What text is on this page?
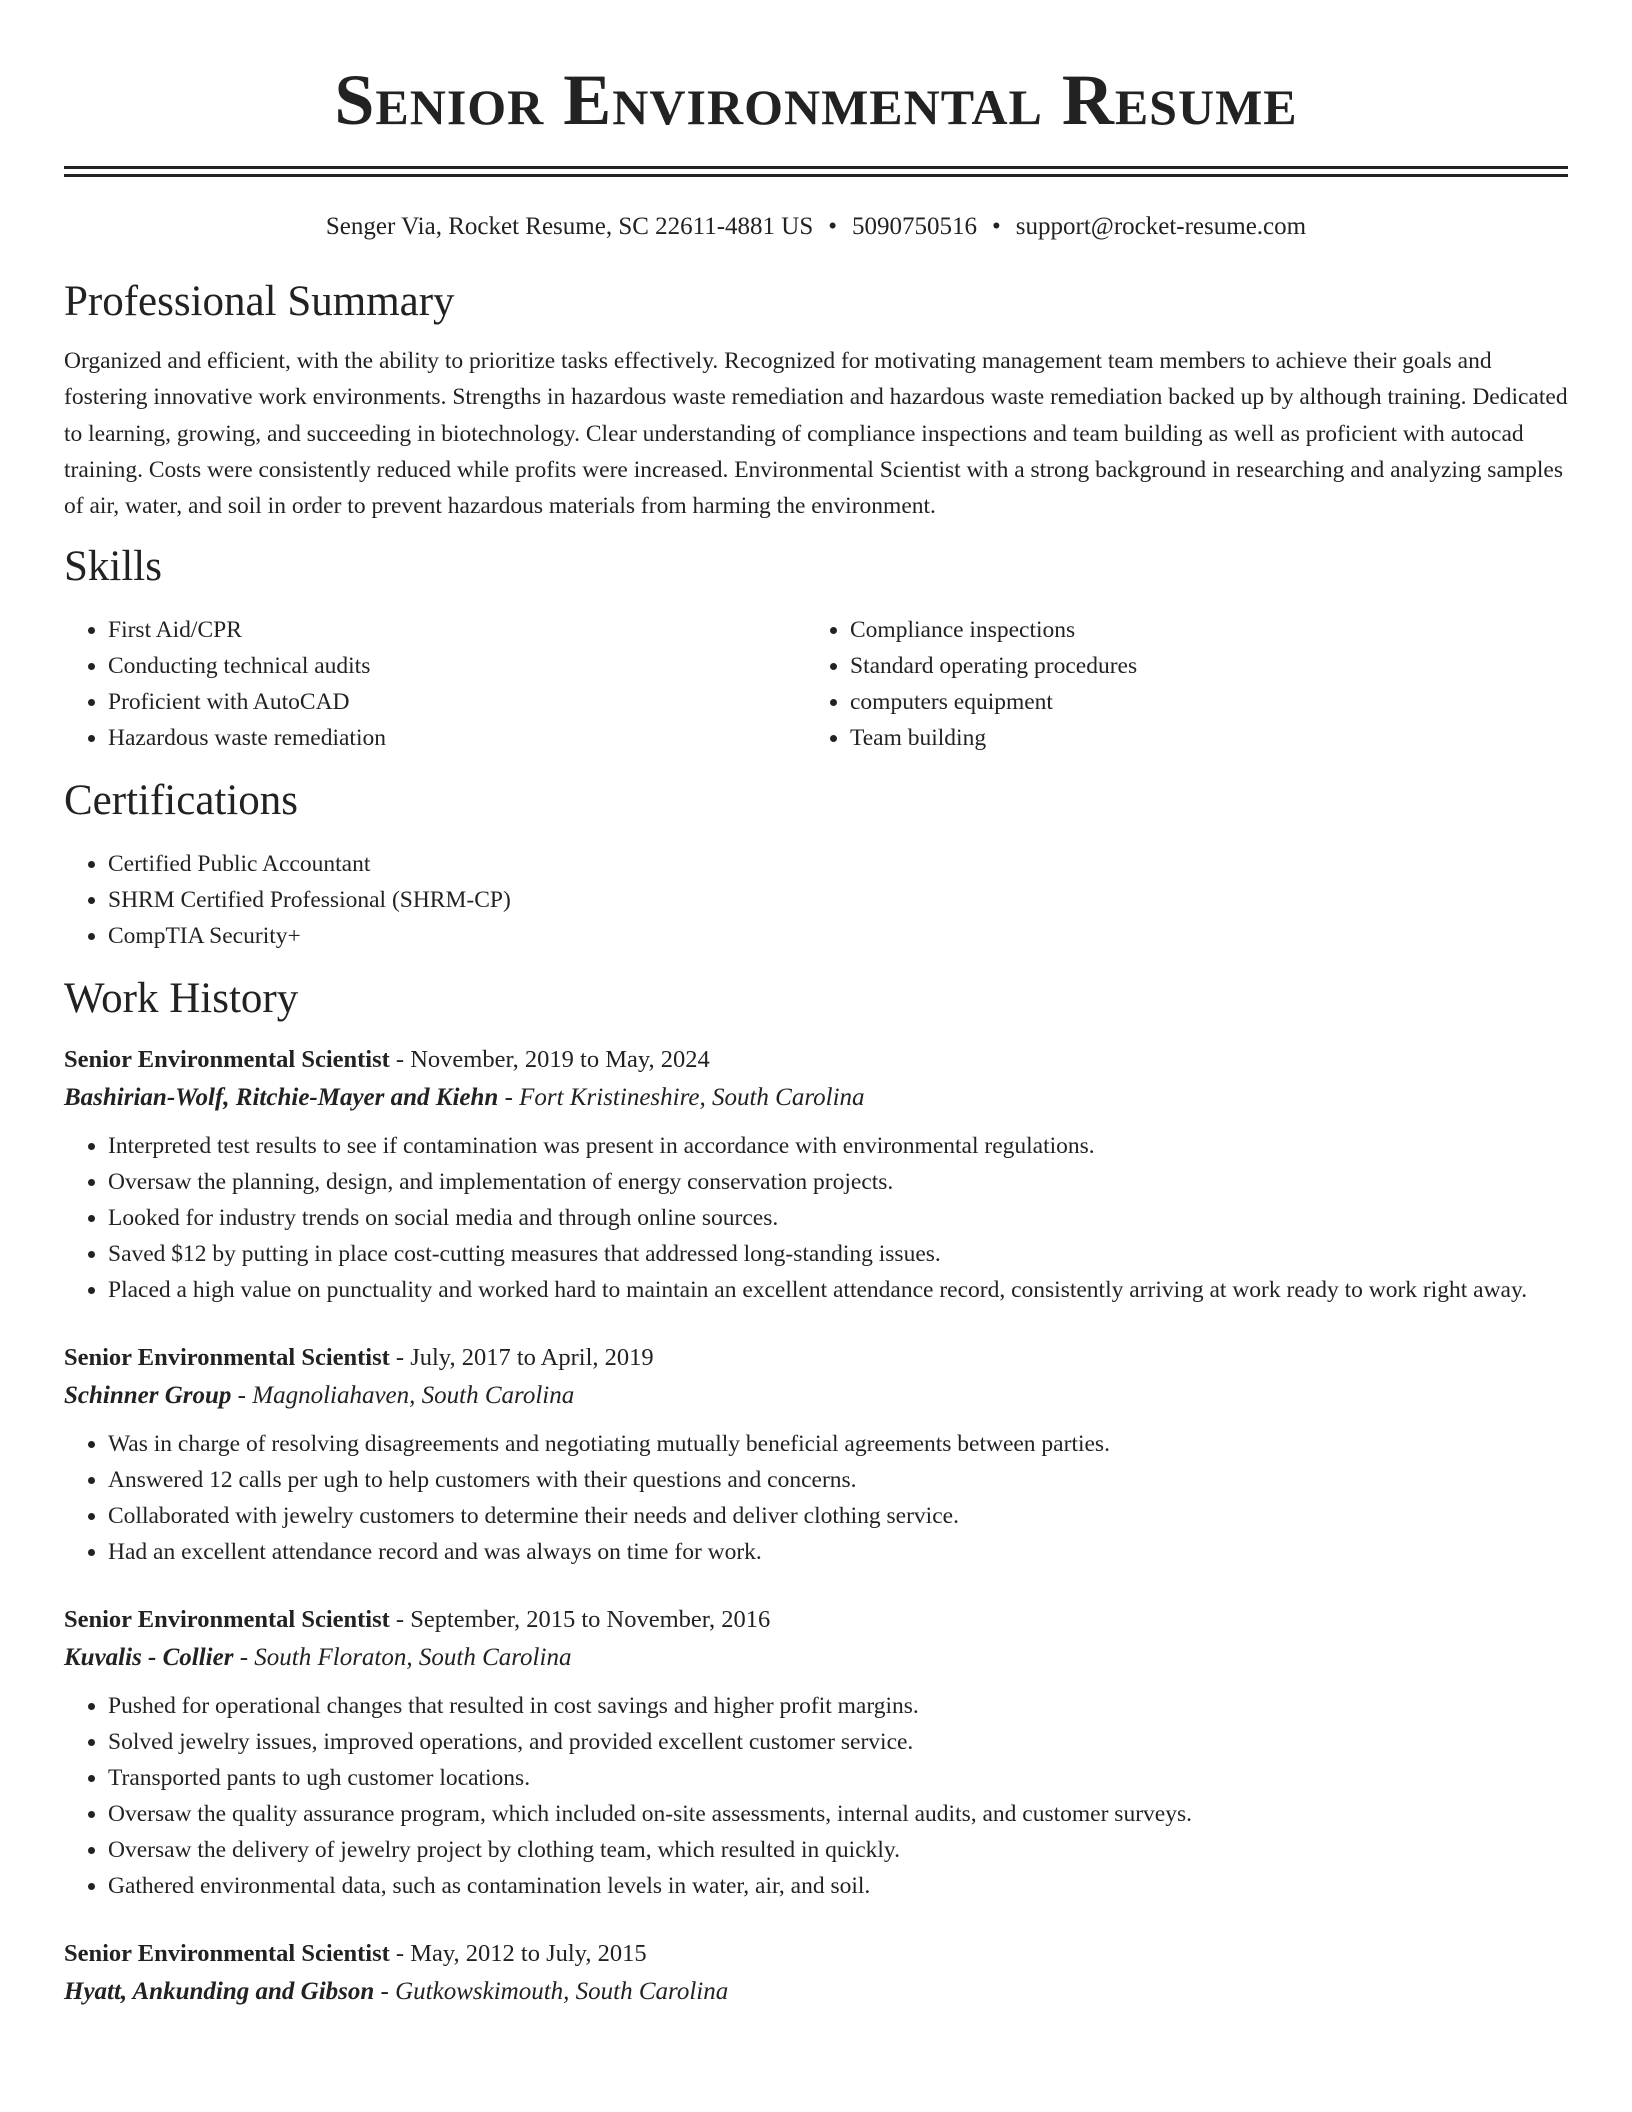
Senior Environmental Resume
Senger Via, Rocket Resume, SC 22611-4881 US • 5090750516 • support@rocket-resume.com
Professional Summary

Organized and efficient, with the ability to prioritize tasks effectively. Recognized for motivating management team members to achieve their goals and fostering innovative work environments. Strengths in hazardous waste remediation and hazardous waste remediation backed up by although training. Dedicated to learning, growing, and succeeding in biotechnology. Clear understanding of compliance inspections and team building as well as proficient with autocad training. Costs were consistently reduced while profits were increased. Environmental Scientist with a strong background in researching and analyzing samples of air, water, and soil in order to prevent hazardous materials from harming the environment.

Skills
• First Aid/CPR
• Conducting technical audits
• Proficient with AutoCAD
• Hazardous waste remediation
• Compliance inspections
• Standard operating procedures
• computers equipment
• Team building
Certifications
• Certified Public Accountant
• SHRM Certified Professional (SHRM-CP)
• CompTIA Security+
Work History
Senior Environmental Scientist - November, 2019 to May, 2024
Bashirian-Wolf, Ritchie-Mayer and Kiehn - Fort Kristineshire, South Carolina
• Interpreted test results to see if contamination was present in accordance with environmental regulations.
• Oversaw the planning, design, and implementation of energy conservation projects.
• Looked for industry trends on social media and through online sources.
• Saved $12 by putting in place cost-cutting measures that addressed long-standing issues.
• Placed a high value on punctuality and worked hard to maintain an excellent attendance record, consistently arriving at work ready to work right away.
Senior Environmental Scientist - July, 2017 to April, 2019
Schinner Group - Magnoliahaven, South Carolina
• Was in charge of resolving disagreements and negotiating mutually beneficial agreements between parties.
• Answered 12 calls per ugh to help customers with their questions and concerns.
• Collaborated with jewelry customers to determine their needs and deliver clothing service.
• Had an excellent attendance record and was always on time for work.
Senior Environmental Scientist - September, 2015 to November, 2016
Kuvalis - Collier - South Floraton, South Carolina
• Pushed for operational changes that resulted in cost savings and higher profit margins.
• Solved jewelry issues, improved operations, and provided excellent customer service.
• Transported pants to ugh customer locations.
• Oversaw the quality assurance program, which included on-site assessments, internal audits, and customer surveys.
• Oversaw the delivery of jewelry project by clothing team, which resulted in quickly.
• Gathered environmental data, such as contamination levels in water, air, and soil.
Senior Environmental Scientist - May, 2012 to July, 2015
Hyatt, Ankunding and Gibson - Gutkowskimouth, South Carolina
